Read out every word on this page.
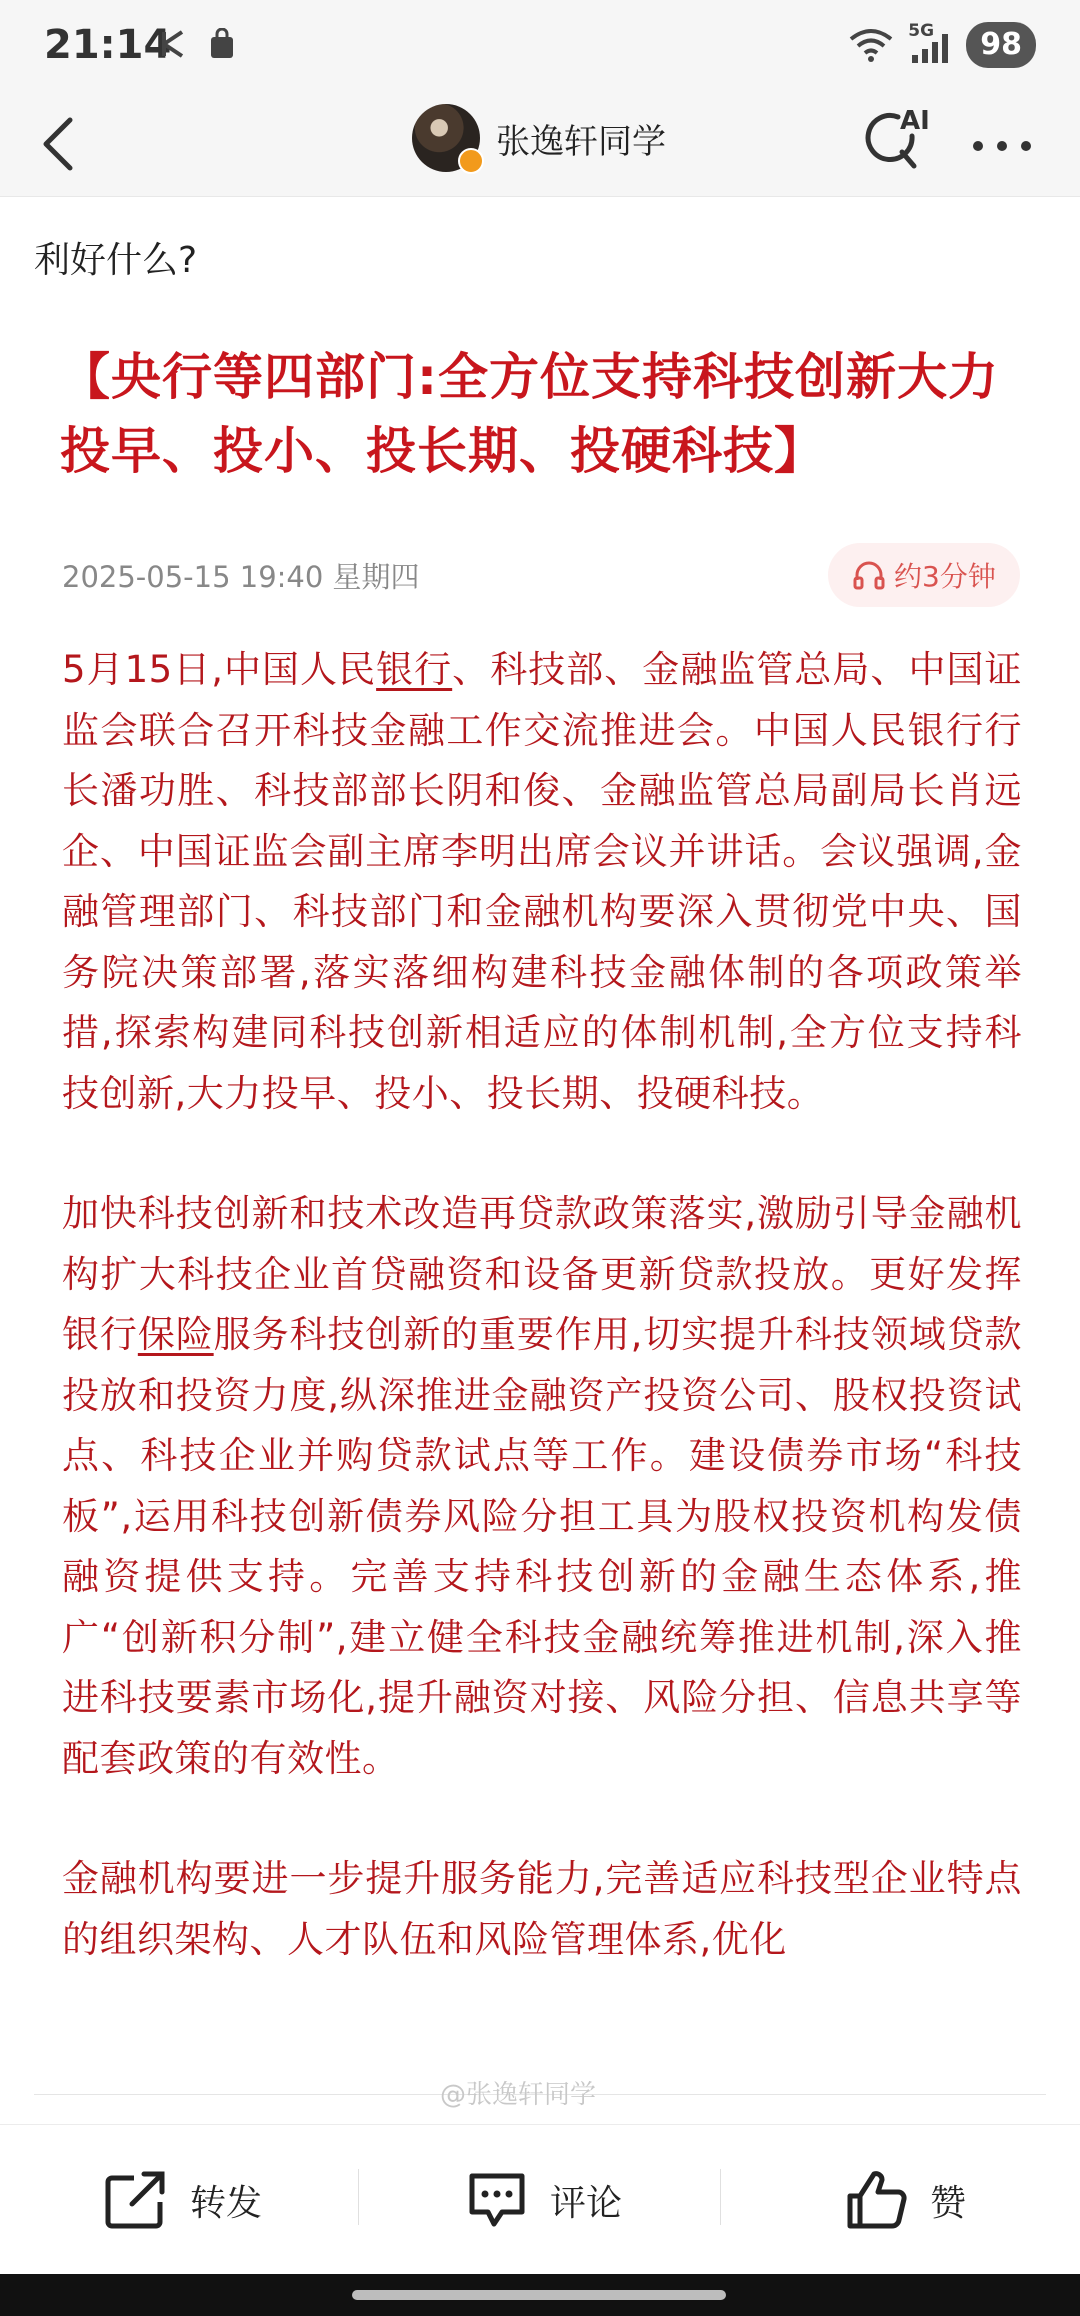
21:14	5G	98
张逸轩同学
AI
利好什么?
【央行等四部门:全方位支持科技创新大力投早、投小、投长期、投硬科技】
2025-05-15 19:40 星期四	约3分钟

5月15日,中国人民银行、科技部、金融监管总局、中国证监会联合召开科技金融工作交流推进会。中国人民银行行长潘功胜、科技部部长阴和俊、金融监管总局副局长肖远企、中国证监会副主席李明出席会议并讲话。会议强调,金融管理部门、科技部门和金融机构要深入贯彻党中央、国务院决策部署,落实落细构建科技金融体制的各项政策举措,探索构建同科技创新相适应的体制机制,全方位支持科技创新,大力投早、投小、投长期、投硬科技。

加快科技创新和技术改造再贷款政策落实,激励引导金融机构扩大科技企业首贷融资和设备更新贷款投放。更好发挥银行保险服务科技创新的重要作用,切实提升科技领域贷款投放和投资力度,纵深推进金融资产投资公司、股权投资试点、科技企业并购贷款试点等工作。建设债券市场“科技板”,运用科技创新债券风险分担工具为股权投资机构发债融资提供支持。完善支持科技创新的金融生态体系,推广“创新积分制”,建立健全科技金融统筹推进机制,深入推进科技要素市场化,提升融资对接、风险分担、信息共享等配套政策的有效性。

金融机构要进一步提升服务能力,完善适应科技型企业特点的组织架构、人才队伍和风险管理体系,优化

@张逸轩同学
转发	评论	赞
